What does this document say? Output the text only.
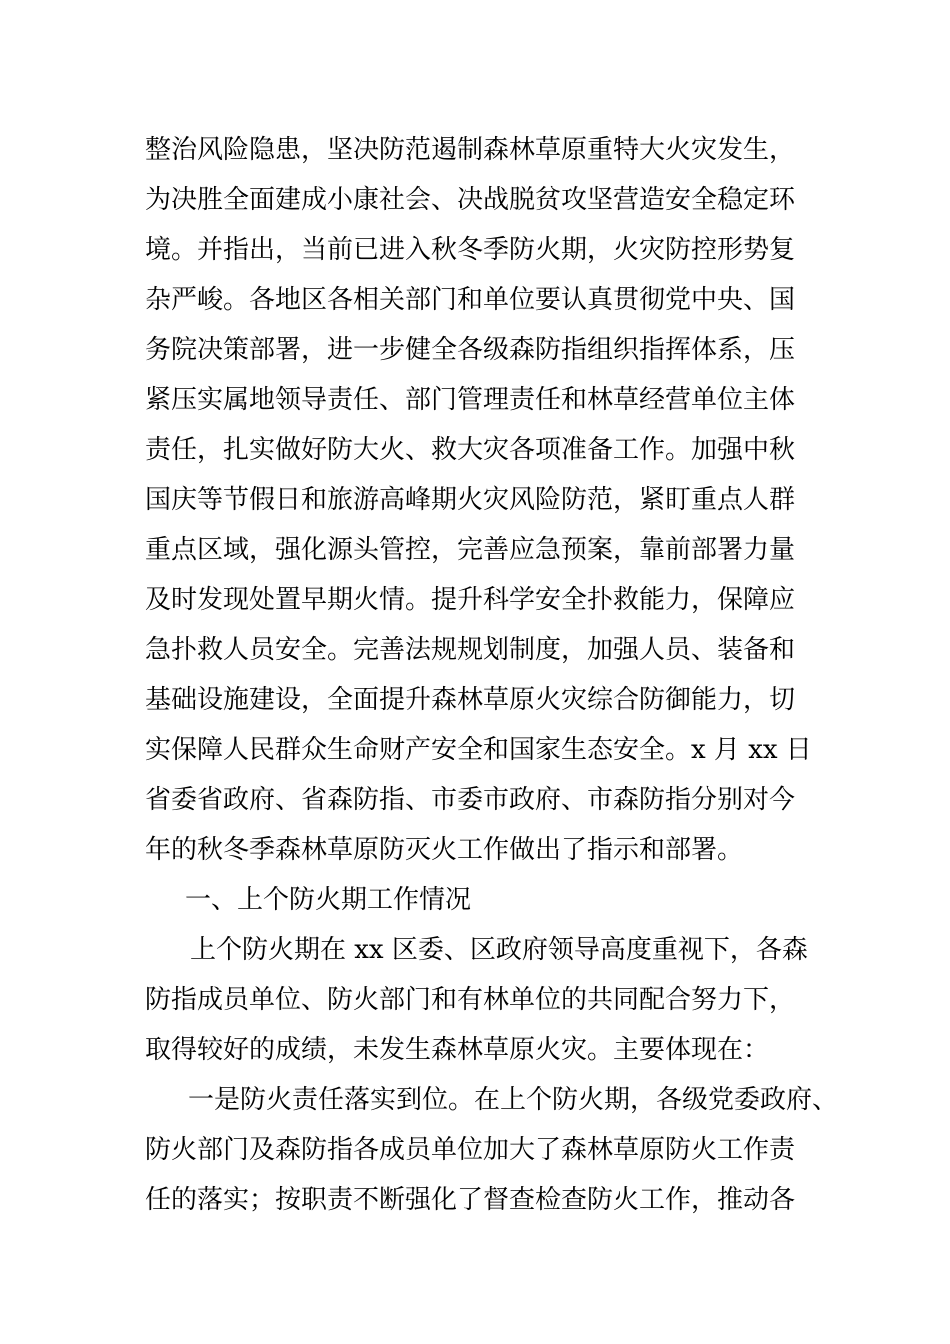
整治风险隐患，坚决防范遏制森林草原重特大火灾发生，
为决胜全面建成小康社会、决战脱贫攻坚营造安全稳定环
境。并指出，当前已进入秋冬季防火期，火灾防控形势复
杂严峻。各地区各相关部门和单位要认真贯彻党中央、国
务院决策部署，进一步健全各级森防指组织指挥体系，压
紧压实属地领导责任、部门管理责任和林草经营单位主体
责任，扎实做好防大火、救大灾各项准备工作。加强中秋
国庆等节假日和旅游高峰期火灾风险防范，紧盯重点人群
重点区域，强化源头管控，完善应急预案，靠前部署力量
及时发现处置早期火情。提升科学安全扑救能力，保障应
急扑救人员安全。完善法规规划制度，加强人员、装备和
基础设施建设，全面提升森林草原火灾综合防御能力，切
实保障人民群众生命财产安全和国家生态安全。x 月 xx 日
省委省政府、省森防指、市委市政府、市森防指分别对今
年的秋冬季森林草原防灭火工作做出了指示和部署。
一、上个防火期工作情况
上个防火期在 xx 区委、区政府领导高度重视下，各森
防指成员单位、防火部门和有林单位的共同配合努力下，
取得较好的成绩，未发生森林草原火灾。主要体现在：
一是防火责任落实到位。在上个防火期，各级党委政府、
防火部门及森防指各成员单位加大了森林草原防火工作责
任的落实；按职责不断强化了督查检查防火工作，推动各
